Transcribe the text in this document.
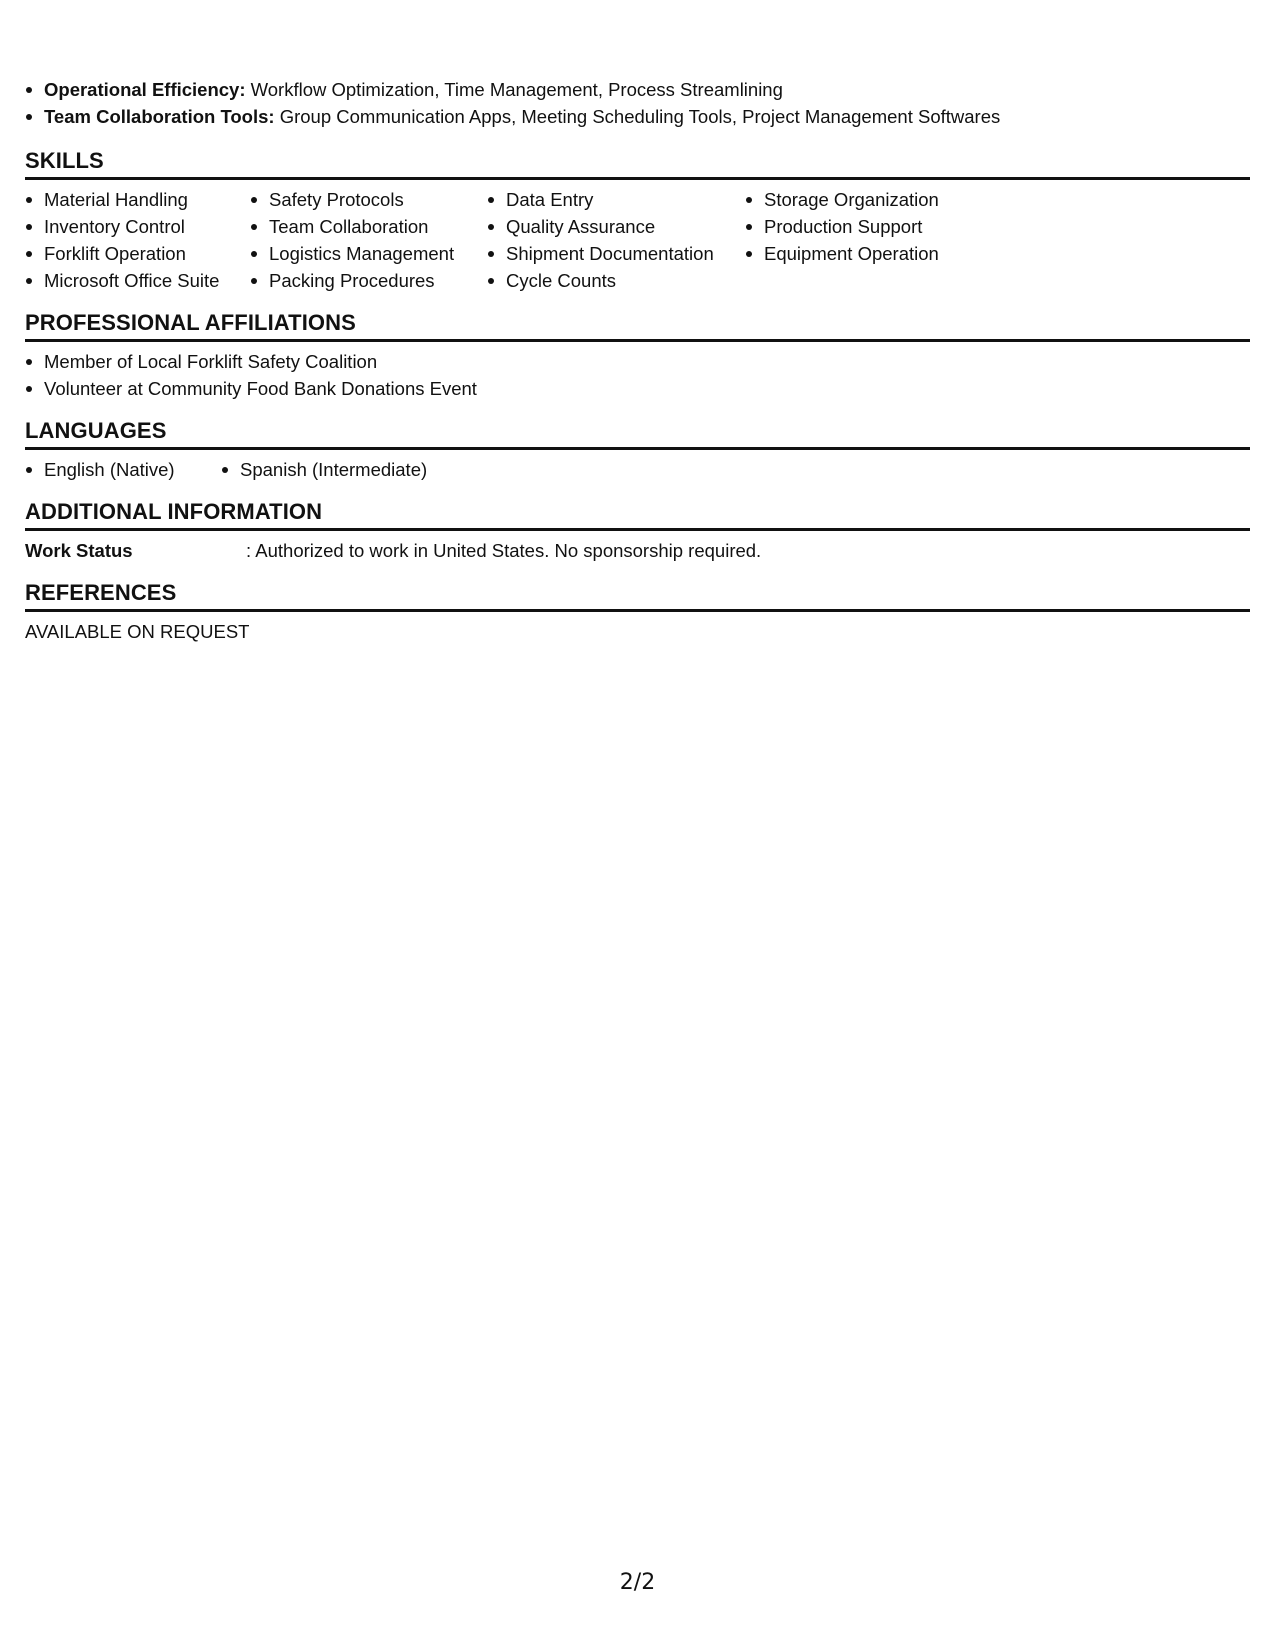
Operational Efficiency: Workflow Optimization, Time Management, Process Streamlining
Team Collaboration Tools: Group Communication Apps, Meeting Scheduling Tools, Project Management Softwares
SKILLS
Material Handling
Inventory Control
Forklift Operation
Microsoft Office Suite
Safety Protocols
Team Collaboration
Logistics Management
Packing Procedures
Data Entry
Quality Assurance
Shipment Documentation
Cycle Counts
Storage Organization
Production Support
Equipment Operation
PROFESSIONAL AFFILIATIONS
Member of Local Forklift Safety Coalition
Volunteer at Community Food Bank Donations Event
LANGUAGES
English (Native)	Spanish (Intermediate)
ADDITIONAL INFORMATION
Work Status	: Authorized to work in United States. No sponsorship required.
REFERENCES
AVAILABLE ON REQUEST
2/2
